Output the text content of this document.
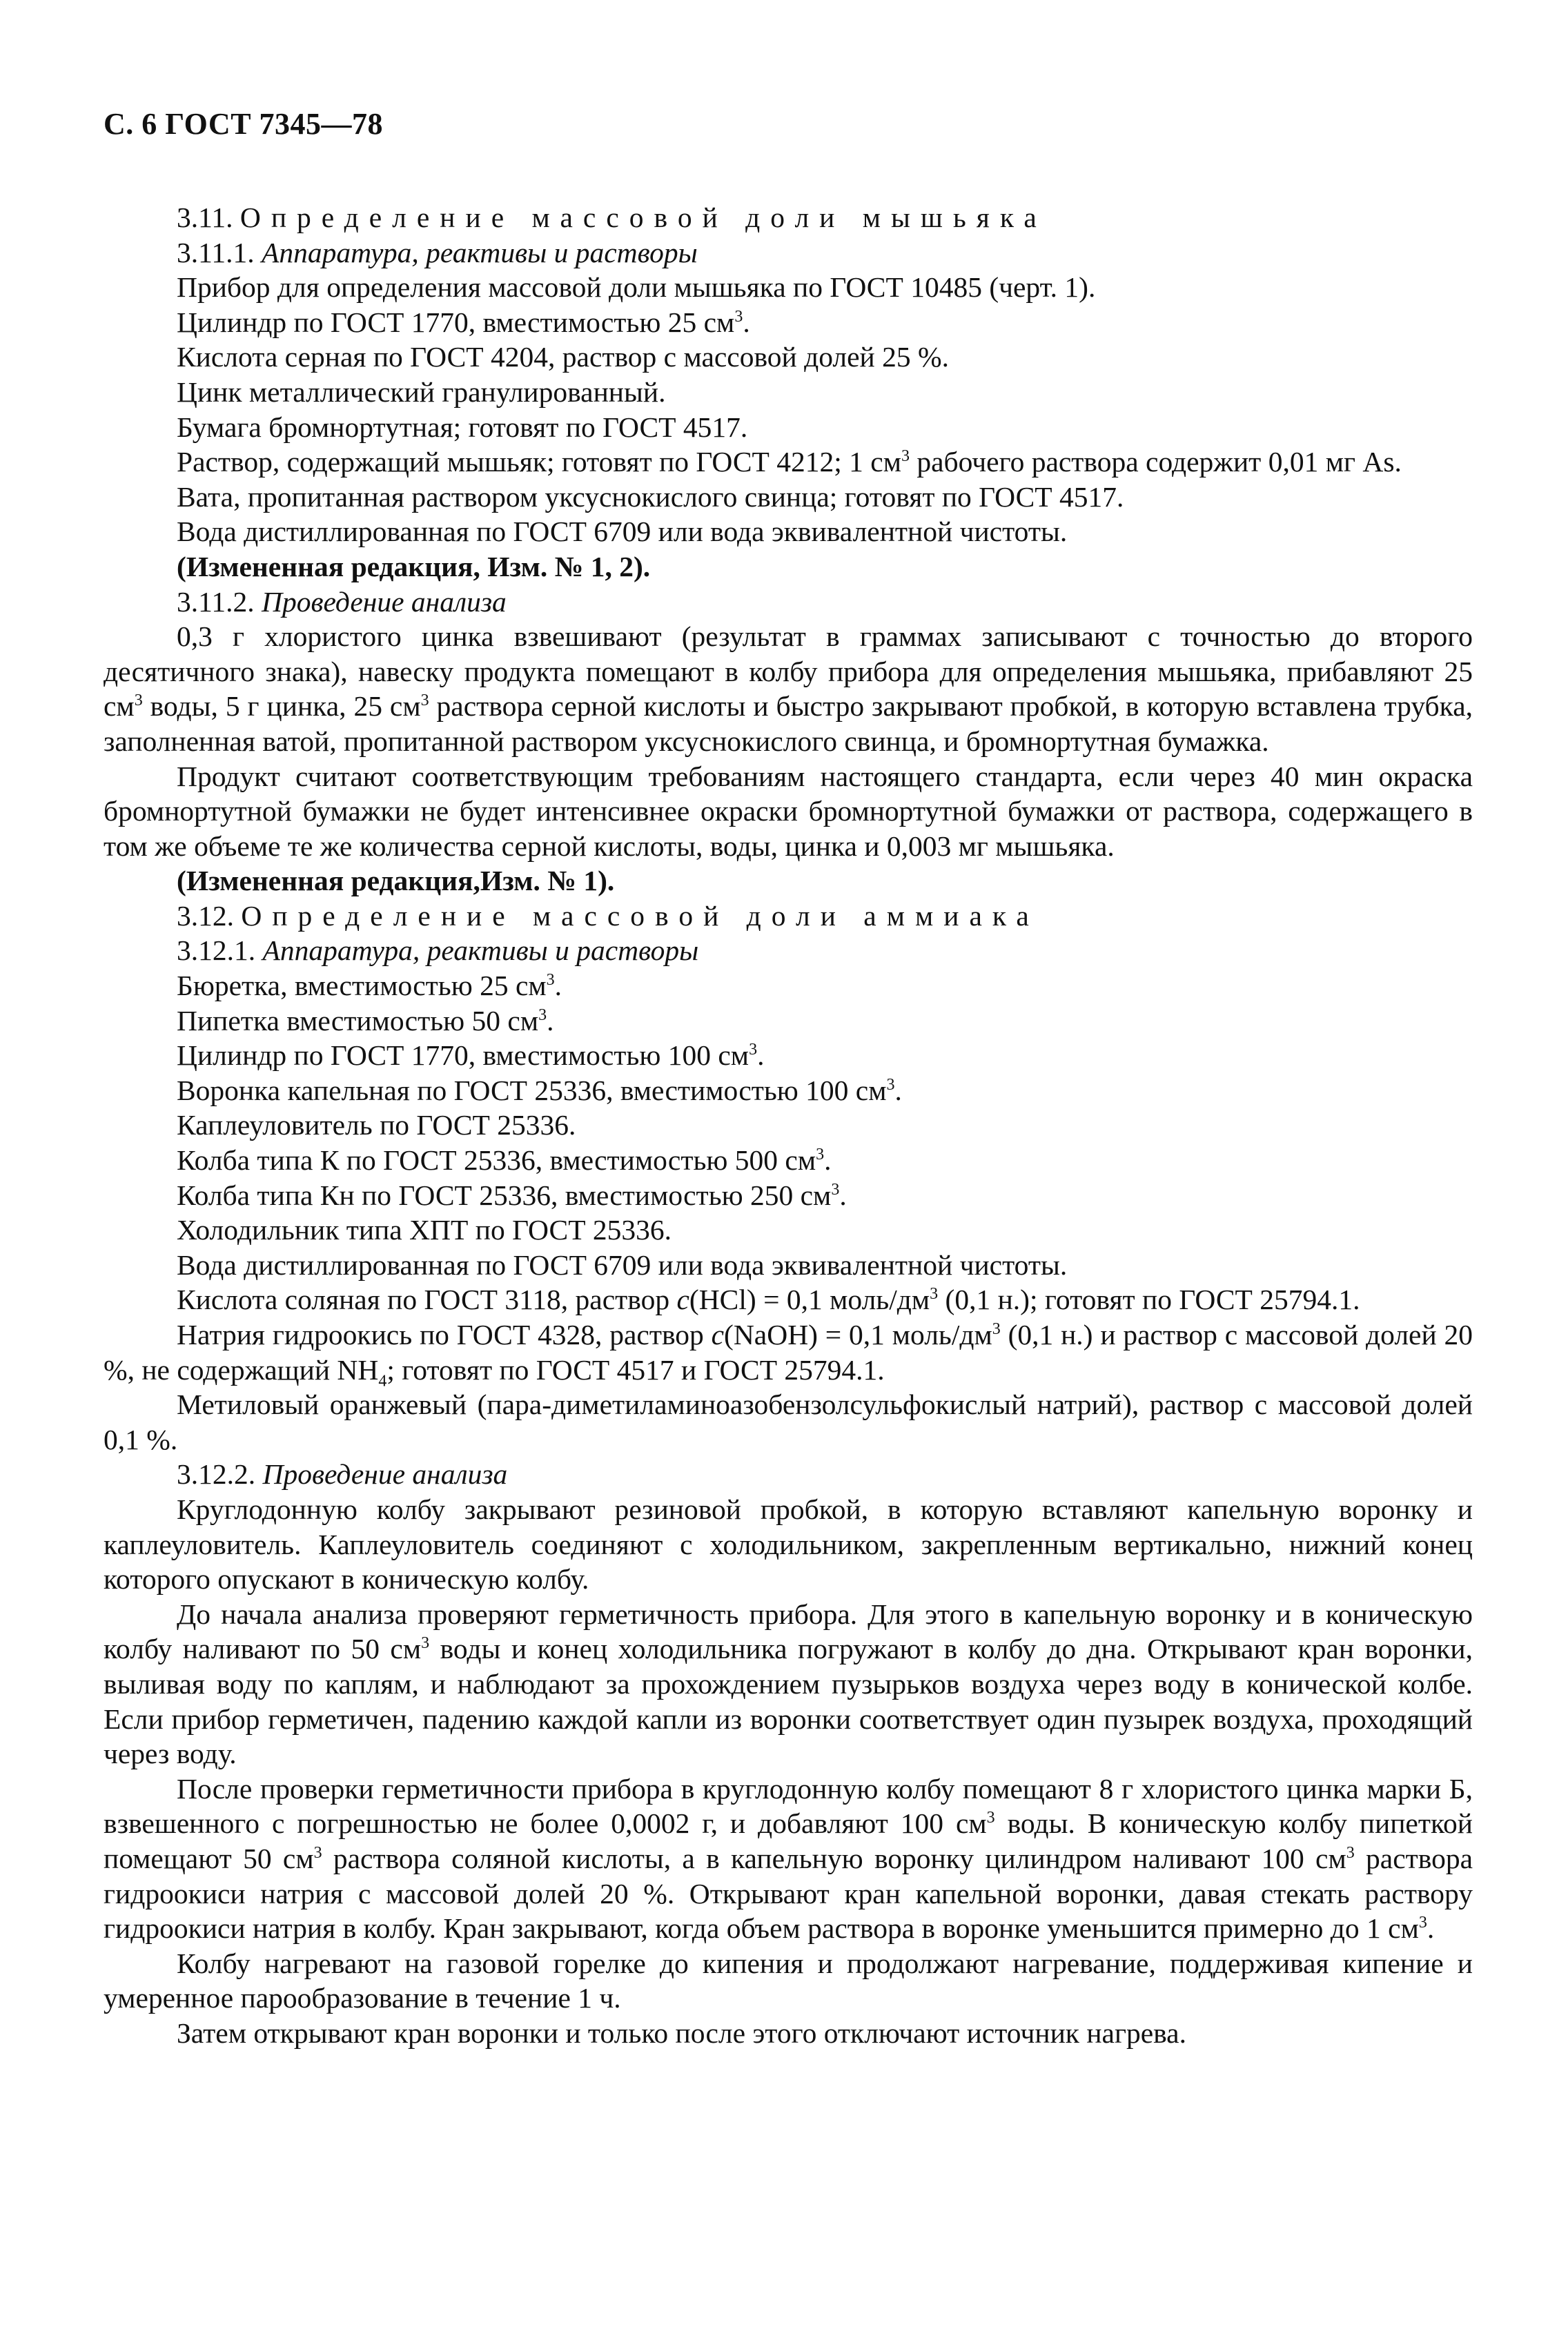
С. 6 ГОСТ 7345—78

3.11. Определение массовой доли мышьяка

3.11.1. Аппаратура, реактивы и растворы

Прибор для определения массовой доли мышьяка по ГОСТ 10485 (черт. 1).

Цилиндр по ГОСТ 1770, вместимостью 25 $см^3$.

Кислота серная по ГОСТ 4204, раствор с массовой долей 25 %.

Цинк металлический гранулированный.

Бумага бромнортутная; готовят по ГОСТ 4517.

Раствор, содержащий мышьяк; готовят по ГОСТ 4212; 1 $см^3$ рабочего раствора содержит 0,01 мг As.

Вата, пропитанная раствором уксуснокислого свинца; готовят по ГОСТ 4517.

Вода дистиллированная по ГОСТ 6709 или вода эквивалентной чистоты.

(Измененная редакция, Изм. № 1, 2).

3.11.2. Проведение анализа

0,3 г хлористого цинка взвешивают (результат в граммах записывают с точностью до второго десятичного знака), навеску продукта помещают в колбу прибора для определения мышьяка, прибавляют 25 $см^3$ воды, 5 г цинка, 25 $см^3$ раствора серной кислоты и быстро закрывают пробкой, в которую вставлена трубка, заполненная ватой, пропитанной раствором уксуснокислого свинца, и бромнортутная бумажка.

Продукт считают соответствующим требованиям настоящего стандарта, если через 40 мин окраска бромнортутной бумажки не будет интенсивнее окраски бромнортутной бумажки от раствора, содержащего в том же объеме те же количества серной кислоты, воды, цинка и 0,003 мг мышьяка.

(Измененная редакция,Изм. № 1).

3.12. Определение массовой доли аммиака

3.12.1. Аппаратура, реактивы и растворы

Бюретка, вместимостью 25 $см^3$.

Пипетка вместимостью 50 $см^3$.

Цилиндр по ГОСТ 1770, вместимостью 100 $см^3$.

Воронка капельная по ГОСТ 25336, вместимостью 100 $см^3$.

Каплеуловитель по ГОСТ 25336.

Колба типа К по ГОСТ 25336, вместимостью 500 $см^3$.

Колба типа Кн по ГОСТ 25336, вместимостью 250 $см^3$.

Холодильник типа ХПТ по ГОСТ 25336.

Вода дистиллированная по ГОСТ 6709 или вода эквивалентной чистоты.

Кислота соляная по ГОСТ 3118, раствор c(HCl) = 0,1 моль/$дм^3$ (0,1 н.); готовят по ГОСТ 25794.1.

Натрия гидроокись по ГОСТ 4328, раствор c(NaOH) = 0,1 моль/$дм^3$ (0,1 н.) и раствор с массовой долей 20 %, не содержащий $NH_4$; готовят по ГОСТ 4517 и ГОСТ 25794.1.

Метиловый оранжевый (пара-диметиламиноазобензолсульфокислый натрий), раствор с массовой долей 0,1 %.

3.12.2. Проведение анализа

Круглодонную колбу закрывают резиновой пробкой, в которую вставляют капельную воронку и каплеуловитель. Каплеуловитель соединяют с холодильником, закрепленным вертикально, нижний конец которого опускают в коническую колбу.

До начала анализа проверяют герметичность прибора. Для этого в капельную воронку и в коническую колбу наливают по 50 $см^3$ воды и конец холодильника погружают в колбу до дна. Открывают кран воронки, выливая воду по каплям, и наблюдают за прохождением пузырьков воздуха через воду в конической колбе. Если прибор герметичен, падению каждой капли из воронки соответствует один пузырек воздуха, проходящий через воду.

После проверки герметичности прибора в круглодонную колбу помещают 8 г хлористого цинка марки Б, взвешенного с погрешностью не более 0,0002 г, и добавляют 100 $см^3$ воды. В коническую колбу пипеткой помещают 50 $см^3$ раствора соляной кислоты, а в капельную воронку цилиндром наливают 100 $см^3$ раствора гидроокиси натрия с массовой долей 20 %. Открывают кран капельной воронки, давая стекать раствору гидроокиси натрия в колбу. Кран закрывают, когда объем раствора в воронке уменьшится примерно до 1 $см^3$.

Колбу нагревают на газовой горелке до кипения и продолжают нагревание, поддерживая кипение и умеренное парообразование в течение 1 ч.

Затем открывают кран воронки и только после этого отключают источник нагрева.
